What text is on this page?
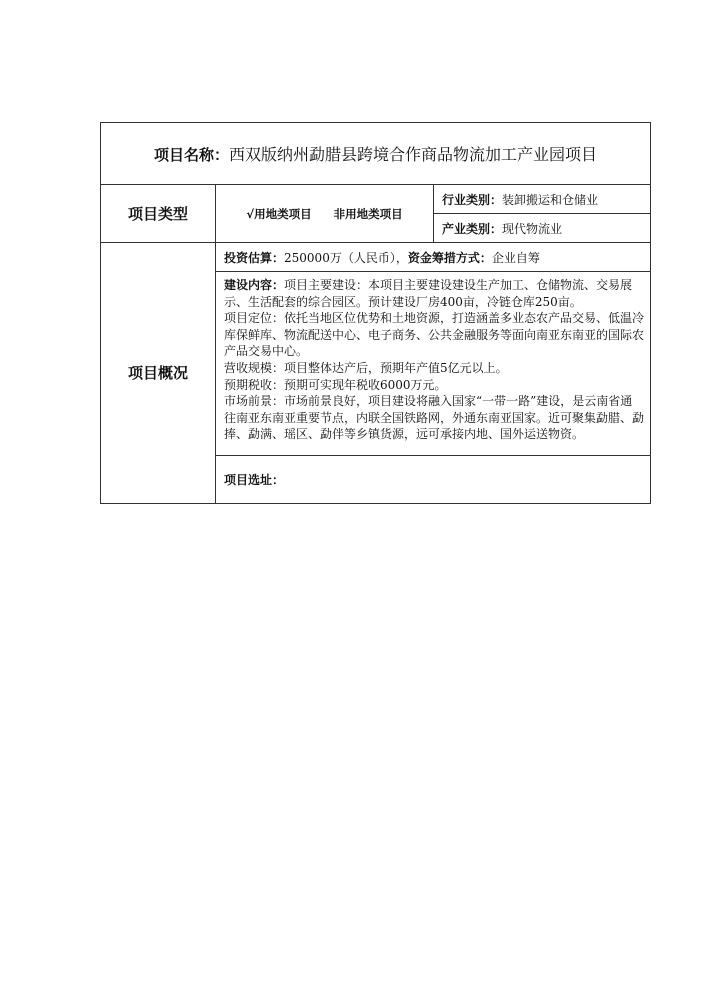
项目名称：西双版纳州勐腊县跨境合作商品物流加工产业园项目		
项目类型	√用地类项目 非用地类项目	行业类别：装卸搬运和仓储业
		产业类别：现代物流业
项目概况	投资估算：250000万（人民币），资金筹措方式：企业自筹	

	建设内容：项目主要建设：本项目主要建设建设生产加工、仓储物流、交易展示、生活配套的综合园区。预计建设厂房400亩，冷链仓库250亩。

项目定位：依托当地区位优势和土地资源，打造涵盖多业态农产品交易、低温冷库保鲜库、物流配送中心、电子商务、公共金融服务等面向南亚东南亚的国际农产品交易中心。

营收规模：项目整体达产后，预期年产值5亿元以上。

预期税收：预期可实现年税收6000万元。

市场前景：市场前景良好，项目建设将融入国家“一带一路”建设，是云南省通往南亚东南亚重要节点，内联全国铁路网，外通东南亚国家。近可聚集勐腊、勐捧、勐满、瑶区、勐伴等乡镇货源，远可承接内地、国外运送物资。	

	项目选址：	
